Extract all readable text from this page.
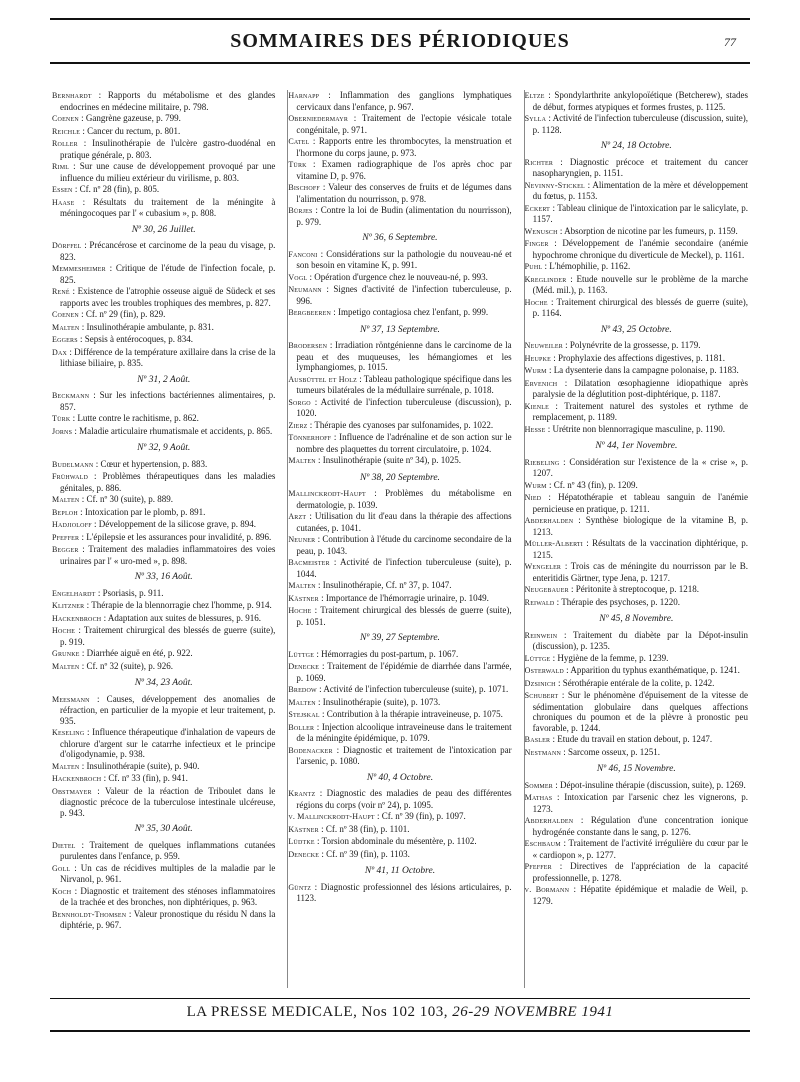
SOMMAIRES DES PÉRIODIQUES	77
Bernhardt : Rapports du métabolisme et des glandes endocrines en médecine militaire, p. 798.
Coenen : Gangrène gazeuse, p. 799.
Reichle : Cancer du rectum, p. 801.
Roller : Insulinothérapie de l'ulcère gastro-duodénal en pratique générale, p. 803.
Riml : Sur une cause de développement provoqué par une influence du milieu extérieur du virilisme, p. 803.
Essen : Cf. nº 28 (fin), p. 805.
Haase : Résultats du traitement de la méningite à méningocoques par l' « cubasium », p. 808.
Nº 30, 26 Juillet.
Dörffel : Précancérose et carcinome de la peau du visage, p. 823.
Memmesheimer : Critique de l'étude de l'infection focale, p. 825.
René : Existence de l'atrophie osseuse aiguë de Südeck et ses rapports avec les troubles trophiques des membres, p. 827.
Coenen : Cf. nº 29 (fin), p. 829.
Malten : Insulinothérapie ambulante, p. 831.
Eggers : Sepsis à entérocoques, p. 834.
Dax : Différence de la température axillaire dans la crise de la lithiase biliaire, p. 835.
Nº 31, 2 Août.
Beckmann : Sur les infections bactériennes alimentaires, p. 857.
Türk : Lutte contre le rachitisme, p. 862.
Jorns : Maladie articulaire rhumatismale et accidents, p. 865.
Nº 32, 9 Août.
Budelmann : Cœur et hypertension, p. 883.
Frühwald : Problèmes thérapeutiques dans les maladies génitales, p. 886.
Malten : Cf. nº 30 (suite), p. 889.
Beploh : Intoxication par le plomb, p. 891.
Hadjioloff : Développement de la silicose grave, p. 894.
Pfeffer : L'épilepsie et les assurances pour invalidité, p. 896.
Begger : Traitement des maladies inflammatoires des voies urinaires par l' « uro-med », p. 898.
Nº 33, 16 Août.
Engelhardt : Psoriasis, p. 911.
Klitzner : Thérapie de la blennorragie chez l'homme, p. 914.
Hackenbroch : Adaptation aux suites de blessures, p. 916.
Hoche : Traitement chirurgical des blessés de guerre (suite), p. 919.
Grunke : Diarrhée aiguë en été, p. 922.
Malten : Cf. nº 32 (suite), p. 926.
Nº 34, 23 Août.
Meesmann : Causes, développement des anomalies de réfraction, en particulier de la myopie et leur traitement, p. 935.
Keseling : Influence thérapeutique d'inhalation de vapeurs de chlorure d'argent sur le catarrhe infectieux et le principe d'oligodynamie, p. 938.
Malten : Insulinothérapie (suite), p. 940.
Hackenbroch : Cf. nº 33 (fin), p. 941.
Obstmayer : Valeur de la réaction de Triboulet dans le diagnostic précoce de la tuberculose intestinale ulcéreuse, p. 943.
Nº 35, 30 Août.
Dietel : Traitement de quelques inflammations cutanées purulentes dans l'enfance, p. 959.
Goll : Un cas de récidives multiples de la maladie par le Nirvanol, p. 961.
Koch : Diagnostic et traitement des sténoses inflammatoires de la trachée et des bronches, non diphtériques, p. 963.
Bennholdt-Thomsen : Valeur pronostique du résidu N dans la diphtérie, p. 967.
Harnapp : Inflammation des ganglions lymphatiques cervicaux dans l'enfance, p. 967.
Oberniedermayr : Traitement de l'ectopie vésicale totale congénitale, p. 971.
Catel : Rapports entre les thrombocytes, la menstruation et l'hormone du corps jaune, p. 973.
Türk : Examen radiographique de l'os après choc par vitamine D, p. 976.
Bischoff : Valeur des conserves de fruits et de légumes dans l'alimentation du nourrisson, p. 978.
Bürjes : Contre la loi de Budin (alimentation du nourrisson), p. 979.
Nº 36, 6 Septembre.
Fanconi : Considérations sur la pathologie du nouveau-né et son besoin en vitamine K, p. 991.
Vogl : Opération d'urgence chez le nouveau-né, p. 993.
Neumann : Signes d'activité de l'infection tuberculeuse, p. 996.
Bergbeeren : Impetigo contagiosa chez l'enfant, p. 999.
Nº 37, 13 Septembre.
Brodersen : Irradiation röntgénienne dans le carcinome de la peau et des muqueuses, les hémangiomes et les lymphangiomes, p. 1015.
Ausbüttel et Holz : Tableau pathologique spécifique dans les tumeurs bilatérales de la médullaire surrénale, p. 1018.
Sorgo : Activité de l'infection tuberculeuse (discussion), p. 1020.
Zierz : Thérapie des cyanoses par sulfonamides, p. 1022.
Tönnerhoff : Influence de l'adrénaline et de son action sur le nombre des plaquettes du torrent circulatoire, p. 1024.
Malten : Insulinothérapie (suite nº 34), p. 1025.
Nº 38, 20 Septembre.
Mallinckrodt-Haupt : Problèmes du métabolisme en dermatologie, p. 1039.
Arzt : Utilisation du lit d'eau dans la thérapie des affections cutanées, p. 1041.
Neuner : Contribution à l'étude du carcinome secondaire de la peau, p. 1043.
Bacmeister : Activité de l'infection tuberculeuse (suite), p. 1044.
Malten : Insulinothérapie, Cf. nº 37, p. 1047.
Kästner : Importance de l'hémorragie urinaire, p. 1049.
Hoche : Traitement chirurgical des blessés de guerre (suite), p. 1051.
Nº 39, 27 Septembre.
Lüttge : Hémorragies du post-partum, p. 1067.
Denecke : Traitement de l'épidémie de diarrhée dans l'armée, p. 1069.
Bredow : Activité de l'infection tuberculeuse (suite), p. 1071.
Malten : Insulinothérapie (suite), p. 1073.
Stejskal : Contribution à la thérapie intraveineuse, p. 1075.
Boller : Injection alcoolique intraveineuse dans le traitement de la méningite épidémique, p. 1079.
Bodenacker : Diagnostic et traitement de l'intoxication par l'arsenic, p. 1080.
Nº 40, 4 Octobre.
Krantz : Diagnostic des maladies de peau des différentes régions du corps (voir nº 24), p. 1095.
v. Mallinckrodt-Haupt : Cf. nº 39 (fin), p. 1097.
Kästner : Cf. nº 38 (fin), p. 1101.
Lüdtke : Torsion abdominale du mésentère, p. 1102.
Denecke : Cf. nº 39 (fin), p. 1103.
Nº 41, 11 Octobre.
Güntz : Diagnostic professionnel des lésions articulaires, p. 1123.
Eltze : Spondylarthrite ankylopoïétique (Betcherew), stades de début, formes atypiques et formes frustes, p. 1125.
Sylla : Activité de l'infection tuberculeuse (discussion, suite), p. 1128.
Nº 24, 18 Octobre.
Richter : Diagnostic précoce et traitement du cancer nasopharyngien, p. 1151.
Nevinny-Stickel : Alimentation de la mère et développement du fœtus, p. 1153.
Eckert : Tableau clinique de l'intoxication par le salicylate, p. 1157.
Wenusch : Absorption de nicotine par les fumeurs, p. 1159.
Finger : Développement de l'anémie secondaire (anémie hypochrome chronique du diverticule de Meckel), p. 1161.
Puhl : L'hémophilie, p. 1162.
Kreglinder : Etude nouvelle sur le problème de la marche (Méd. mil.), p. 1163.
Hoche : Traitement chirurgical des blessés de guerre (suite), p. 1164.
Nº 43, 25 Octobre.
Neuweiler : Polynévrite de la grossesse, p. 1179.
Heupke : Prophylaxie des affections digestives, p. 1181.
Wurm : La dysenterie dans la campagne polonaise, p. 1183.
Ervenich : Dilatation œsophagienne idiopathique après paralysie de la déglutition post-diphtérique, p. 1187.
Kienle : Traitement naturel des systoles et rythme de remplacement, p. 1189.
Hesse : Urétrite non blennorragique masculine, p. 1190.
Nº 44, 1er Novembre.
Riebeling : Considération sur l'existence de la « crise », p. 1207.
Wurm : Cf. nº 43 (fin), p. 1209.
Nied : Hépatothérapie et tableau sanguin de l'anémie pernicieuse en pratique, p. 1211.
Abderhalden : Synthèse biologique de la vitamine B, p. 1213.
Müller-Alberti : Résultats de la vaccination diphtérique, p. 1215.
Wengeler : Trois cas de méningite du nourrisson par le B. enteritidis Gärtner, type Jena, p. 1217.
Neugebauer : Péritonite à streptocoque, p. 1218.
Reiwald : Thérapie des psychoses, p. 1220.
Nº 45, 8 Novembre.
Reinwein : Traitement du diabète par la Dépot-insulin (discussion), p. 1235.
Lüttge : Hygiène de la femme, p. 1239.
Osterwald : Apparition du typhus exanthématique, p. 1241.
Dzsinich : Sérothérapie entérale de la colite, p. 1242.
Schubert : Sur le phénomène d'épuisement de la vitesse de sédimentation globulaire dans quelques affections chroniques du poumon et de la plèvre à pronostic peu favorable, p. 1244.
Basler : Etude du travail en station debout, p. 1247.
Nestmann : Sarcome osseux, p. 1251.
Nº 46, 15 Novembre.
Sommer : Dépot-insuline thérapie (discussion, suite), p. 1269.
Mathas : Intoxication par l'arsenic chez les vignerons, p. 1273.
Abderhalden : Régulation d'une concentration ionique hydrogénée constante dans le sang, p. 1276.
Eschbaum : Traitement de l'activité irrégulière du cœur par le « cardiopon », p. 1277.
Pfeffer : Directives de l'appréciation de la capacité professionnelle, p. 1278.
v. Bormann : Hépatite épidémique et maladie de Weil, p. 1279.
LA PRESSE MEDICALE, Nos 102 103, 26-29 NOVEMBRE 1941
